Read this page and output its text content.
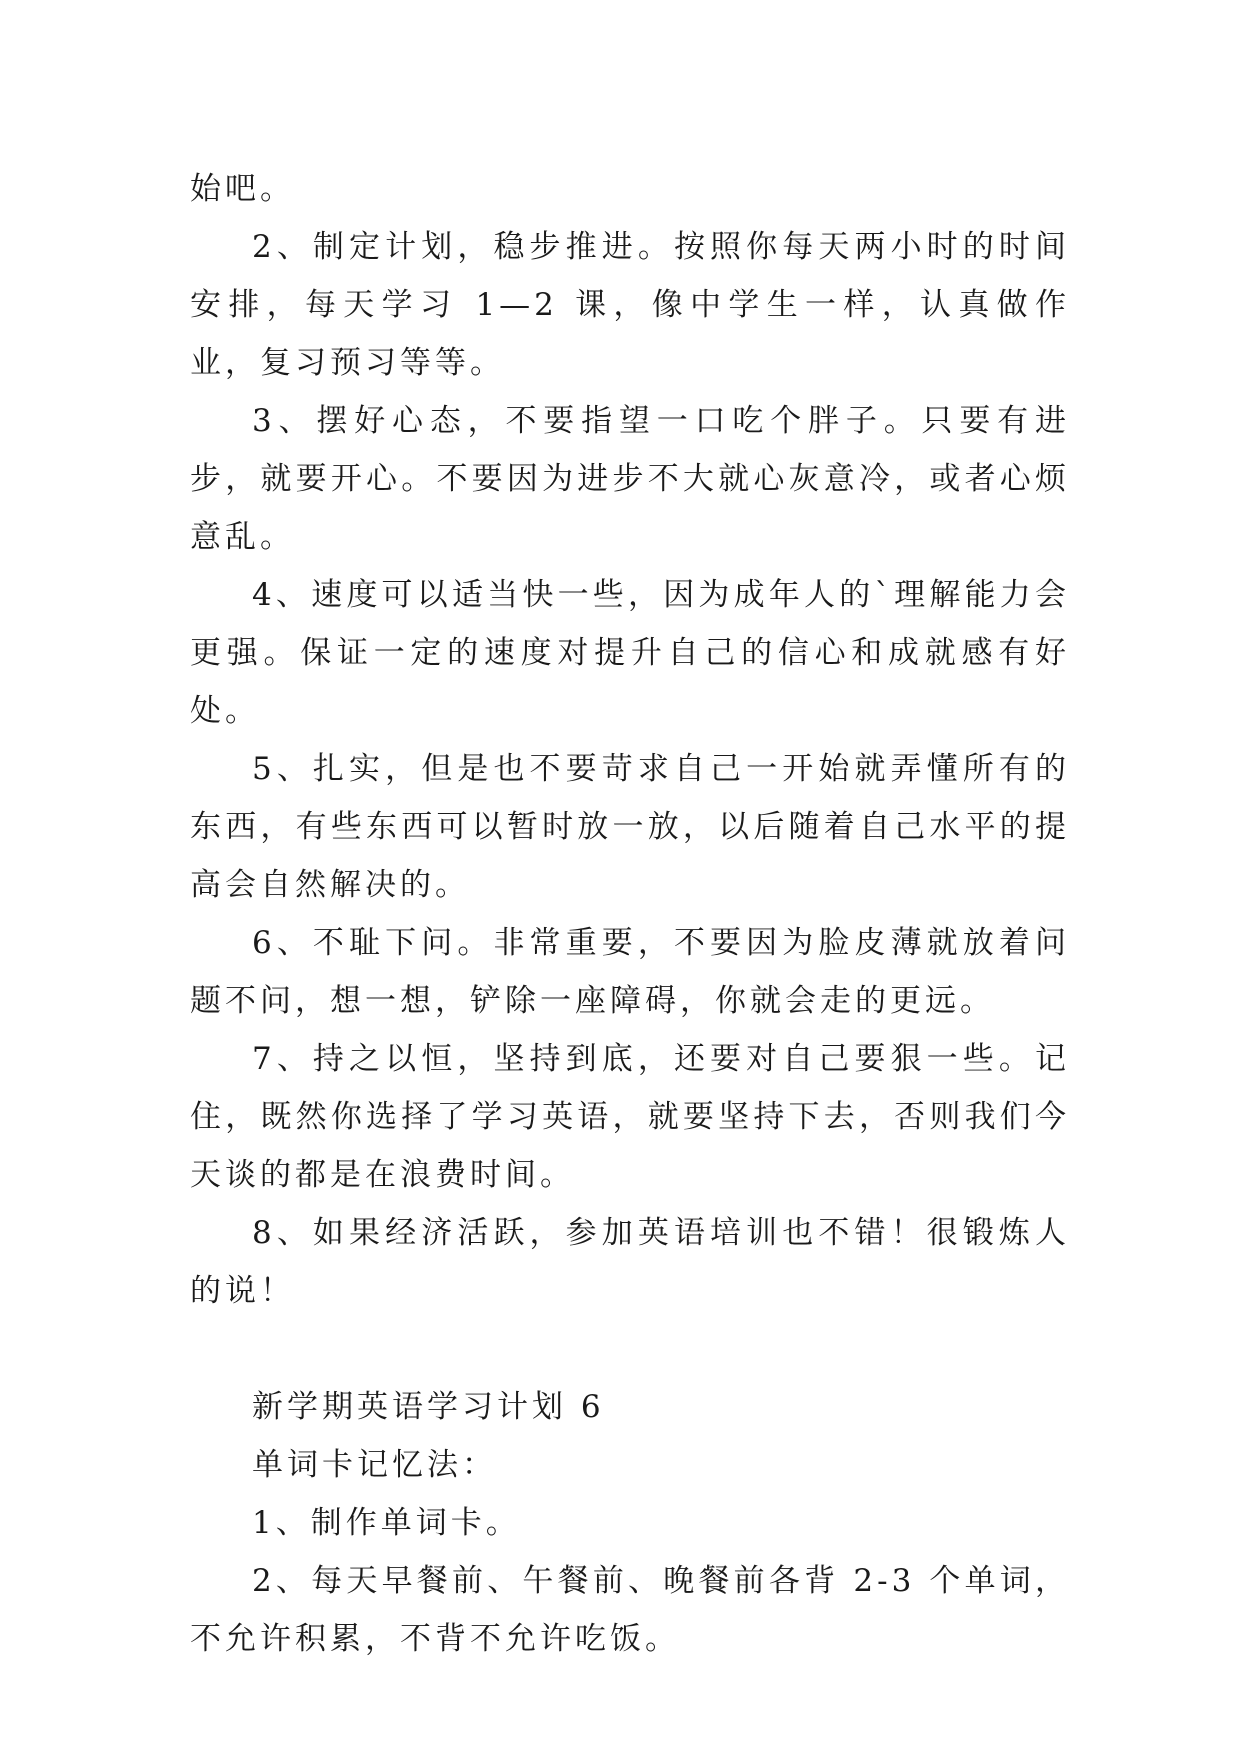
始吧。

2、制定计划，稳步推进。按照你每天两小时的时间安排，每天学习 1—2 课，像中学生一样，认真做作业，复习预习等等。

3、摆好心态，不要指望一口吃个胖子。只要有进步，就要开心。不要因为进步不大就心灰意冷，或者心烦意乱。

4、速度可以适当快一些，因为成年人的`理解能力会更强。保证一定的速度对提升自己的信心和成就感有好处。

5、扎实，但是也不要苛求自己一开始就弄懂所有的东西，有些东西可以暂时放一放，以后随着自己水平的提高会自然解决的。

6、不耻下问。非常重要，不要因为脸皮薄就放着问题不问，想一想，铲除一座障碍，你就会走的更远。

7、持之以恒，坚持到底，还要对自己要狠一些。记住，既然你选择了学习英语，就要坚持下去，否则我们今天谈的都是在浪费时间。

8、如果经济活跃，参加英语培训也不错！很锻炼人的说！

新学期英语学习计划 6

单词卡记忆法：

1、制作单词卡。

2、每天早餐前、午餐前、晚餐前各背 2-3 个单词，不允许积累，不背不允许吃饭。
